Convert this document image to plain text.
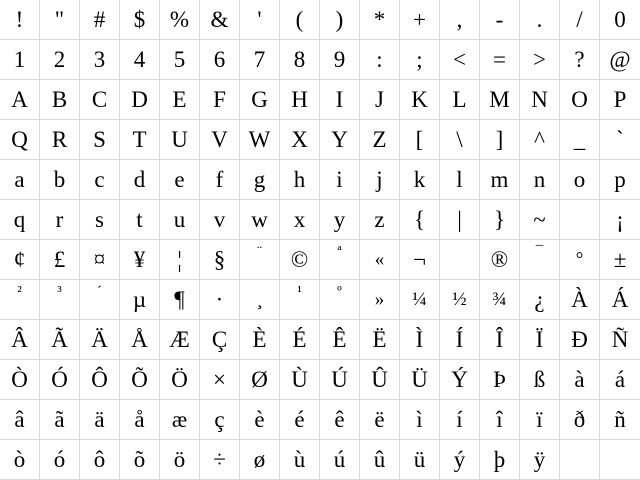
! " # $ % & ' ( ) * + , - . / 0
1 2 3 4 5 6 7 8 9 : ; < = > ? @
A B C D E F G H I J K L M N O P
Q R S T U V W X Y Z [ \ ] ^ _ `
a b c d e f g h i j k l m n o p
q r s t u v w x y z { | } ~	¡
¢ £ ¤ ¥ ¦ § ¨ © ª « ¬	® ¯ ° ±
² ³ ´ µ ¶ · ¸ ¹ º » ¼ ½ ¾ ¿ À Á
Â Ã Ä Å Æ Ç È É Ê Ë Ì Í Î Ï Ð Ñ
Ò Ó Ô Õ Ö × Ø Ù Ú Û Ü Ý Þ ß à á
â ã ä å æ ç è é ê ë ì í î ï ð ñ
ò ó ô õ ö ÷ ø ù ú û ü ý þ ÿ
